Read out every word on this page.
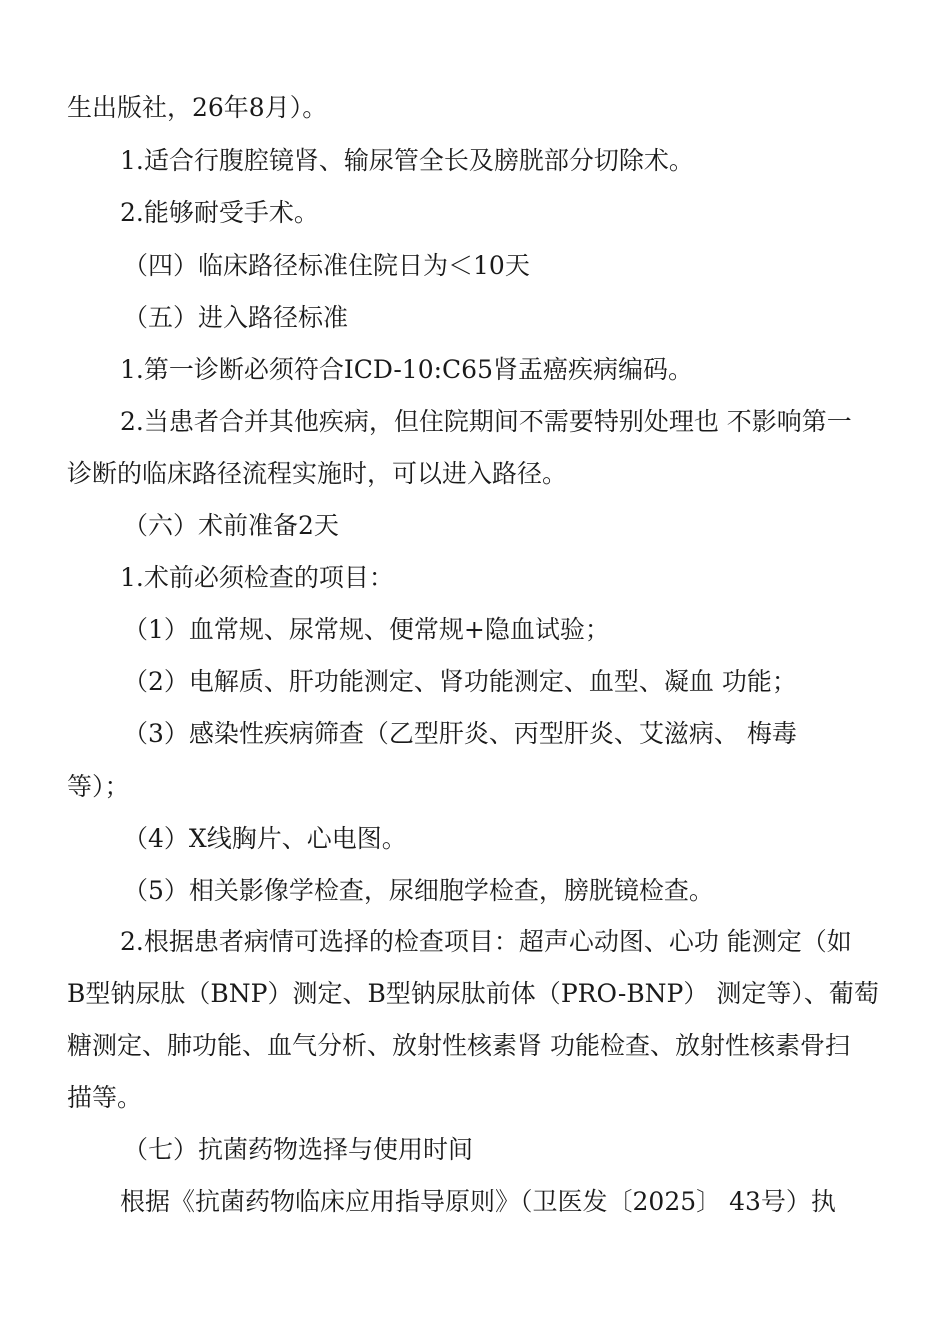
生出版社，26年8月）。

1.适合行腹腔镜肾、输尿管全长及膀胱部分切除术。

2.能够耐受手术。

（四）临床路径标准住院日为＜10天

（五）进入路径标准

1.第一诊断必须符合ICD-10:C65肾盂癌疾病编码。

2.当患者合并其他疾病，但住院期间不需要特别处理也 不影响第一

诊断的临床路径流程实施时，可以进入路径。

（六）术前准备2天

1.术前必须检查的项目：

（1）血常规、尿常规、便常规+隐血试验；

（2）电解质、肝功能测定、肾功能测定、血型、凝血 功能；

（3）感染性疾病筛查（乙型肝炎、丙型肝炎、艾滋病、 梅毒

等）；

（4）X线胸片、心电图。

（5）相关影像学检查，尿细胞学检查，膀胱镜检查。

2.根据患者病情可选择的检查项目：超声心动图、心功 能测定（如

B型钠尿肽（BNP）测定、B型钠尿肽前体（PRO-BNP） 测定等）、葡萄

糖测定、肺功能、血气分析、放射性核素肾 功能检查、放射性核素骨扫

描等。

（七）抗菌药物选择与使用时间

根据《抗菌药物临床应用指导原则》（卫医发〔2025〕 43号）执
